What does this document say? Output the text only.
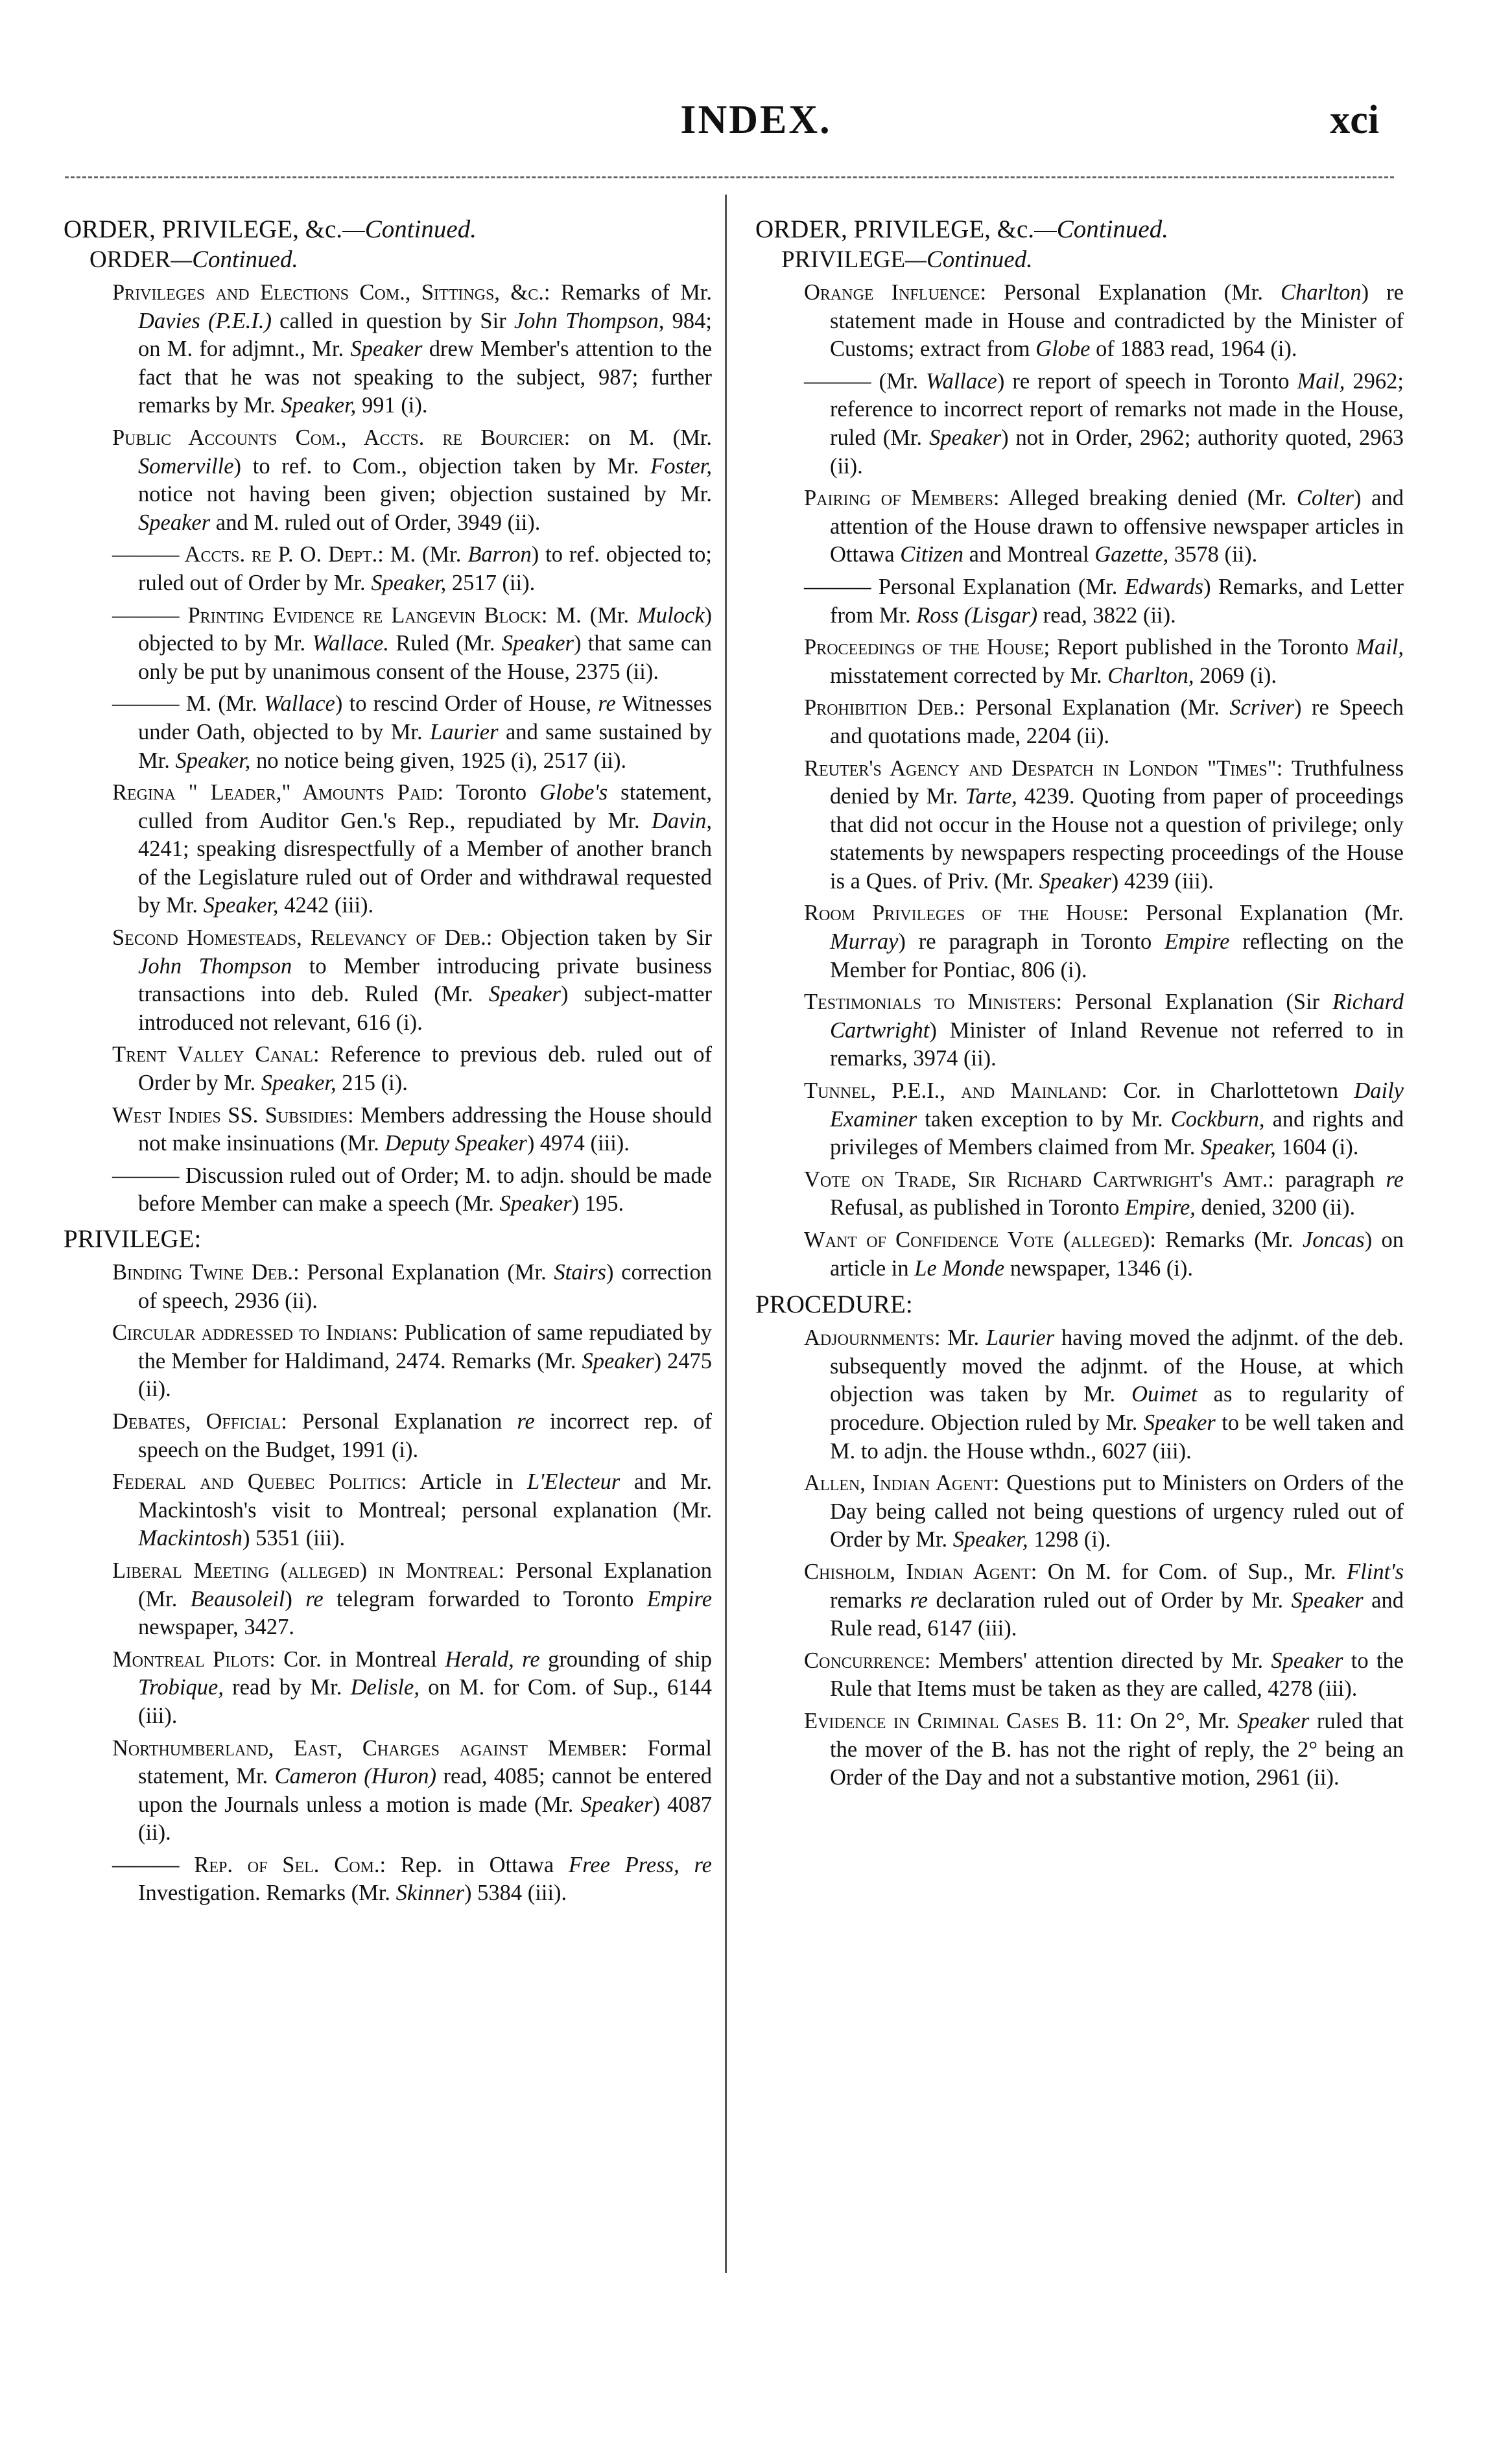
INDEX.	xci
ORDER, PRIVILEGE, &c.—Continued.
ORDER—Continued.
Privileges and Elections Com., Sittings, &c.: Remarks of Mr. Davies (P.E.I.) called in question by Sir John Thompson, 984; on M. for adjmnt., Mr. Speaker drew Member's attention to the fact that he was not speaking to the subject, 987; further remarks by Mr. Speaker, 991 (i).
Public Accounts Com., Accts. re Bourcier: on M. (Mr. Somerville) to ref. to Com., objection taken by Mr. Foster, notice not having been given; objection sustained by Mr. Speaker and M. ruled out of Order, 3949 (ii).
——— Accts. re P. O. Dept.: M. (Mr. Barron) to ref. objected to; ruled out of Order by Mr. Speaker, 2517 (ii).
——— Printing Evidence re Langevin Block: M. (Mr. Mulock) objected to by Mr. Wallace. Ruled (Mr. Speaker) that same can only be put by unanimous consent of the House, 2375 (ii).
——— M. (Mr. Wallace) to rescind Order of House, re Witnesses under Oath, objected to by Mr. Laurier and same sustained by Mr. Speaker, no notice being given, 1925 (i), 2517 (ii).
Regina " Leader," Amounts Paid: Toronto Globe's statement, culled from Auditor Gen.'s Rep., repudiated by Mr. Davin, 4241; speaking disrespectfully of a Member of another branch of the Legislature ruled out of Order and withdrawal requested by Mr. Speaker, 4242 (iii).
Second Homesteads, Relevancy of Deb.: Objection taken by Sir John Thompson to Member introducing private business transactions into deb. Ruled (Mr. Speaker) subject-matter introduced not relevant, 616 (i).
Trent Valley Canal: Reference to previous deb. ruled out of Order by Mr. Speaker, 215 (i).
West Indies SS. Subsidies: Members addressing the House should not make insinuations (Mr. Deputy Speaker) 4974 (iii).
——— Discussion ruled out of Order; M. to adjn. should be made before Member can make a speech (Mr. Speaker) 195.
PRIVILEGE:
Binding Twine Deb.: Personal Explanation (Mr. Stairs) correction of speech, 2936 (ii).
Circular addressed to Indians: Publication of same repudiated by the Member for Haldimand, 2474. Remarks (Mr. Speaker) 2475 (ii).
Debates, Official: Personal Explanation re incorrect rep. of speech on the Budget, 1991 (i).
Federal and Quebec Politics: Article in L'Electeur and Mr. Mackintosh's visit to Montreal; personal explanation (Mr. Mackintosh) 5351 (iii).
Liberal Meeting (alleged) in Montreal: Personal Explanation (Mr. Beausoleil) re telegram forwarded to Toronto Empire newspaper, 3427.
Montreal Pilots: Cor. in Montreal Herald, re grounding of ship Trobique, read by Mr. Delisle, on M. for Com. of Sup., 6144 (iii).
Northumberland, East, Charges against Member: Formal statement, Mr. Cameron (Huron) read, 4085; cannot be entered upon the Journals unless a motion is made (Mr. Speaker) 4087 (ii).
——— Rep. of Sel. Com.: Rep. in Ottawa Free Press, re Investigation. Remarks (Mr. Skinner) 5384 (iii).
ORDER, PRIVILEGE, &c.—Continued.
PRIVILEGE—Continued.
Orange Influence: Personal Explanation (Mr. Charlton) re statement made in House and contradicted by the Minister of Customs; extract from Globe of 1883 read, 1964 (i).
——— (Mr. Wallace) re report of speech in Toronto Mail, 2962; reference to incorrect report of remarks not made in the House, ruled (Mr. Speaker) not in Order, 2962; authority quoted, 2963 (ii).
Pairing of Members: Alleged breaking denied (Mr. Colter) and attention of the House drawn to offensive newspaper articles in Ottawa Citizen and Montreal Gazette, 3578 (ii).
——— Personal Explanation (Mr. Edwards) Remarks, and Letter from Mr. Ross (Lisgar) read, 3822 (ii).
Proceedings of the House; Report published in the Toronto Mail, misstatement corrected by Mr. Charlton, 2069 (i).
Prohibition Deb.: Personal Explanation (Mr. Scriver) re Speech and quotations made, 2204 (ii).
Reuter's Agency and Despatch in London "Times": Truthfulness denied by Mr. Tarte, 4239. Quoting from paper of proceedings that did not occur in the House not a question of privilege; only statements by newspapers respecting proceedings of the House is a Ques. of Priv. (Mr. Speaker) 4239 (iii).
Room Privileges of the House: Personal Explanation (Mr. Murray) re paragraph in Toronto Empire reflecting on the Member for Pontiac, 806 (i).
Testimonials to Ministers: Personal Explanation (Sir Richard Cartwright) Minister of Inland Revenue not referred to in remarks, 3974 (ii).
Tunnel, P.E.I., and Mainland: Cor. in Charlottetown Daily Examiner taken exception to by Mr. Cockburn, and rights and privileges of Members claimed from Mr. Speaker, 1604 (i).
Vote on Trade, Sir Richard Cartwright's Amt.: paragraph re Refusal, as published in Toronto Empire, denied, 3200 (ii).
Want of Confidence Vote (alleged): Remarks (Mr. Joncas) on article in Le Monde newspaper, 1346 (i).
PROCEDURE:
Adjournments: Mr. Laurier having moved the adjnmt. of the deb. subsequently moved the adjnmt. of the House, at which objection was taken by Mr. Ouimet as to regularity of procedure. Objection ruled by Mr. Speaker to be well taken and M. to adjn. the House wthdn., 6027 (iii).
Allen, Indian Agent: Questions put to Ministers on Orders of the Day being called not being questions of urgency ruled out of Order by Mr. Speaker, 1298 (i).
Chisholm, Indian Agent: On M. for Com. of Sup., Mr. Flint's remarks re declaration ruled out of Order by Mr. Speaker and Rule read, 6147 (iii).
Concurrence: Members' attention directed by Mr. Speaker to the Rule that Items must be taken as they are called, 4278 (iii).
Evidence in Criminal Cases B. 11: On 2°, Mr. Speaker ruled that the mover of the B. has not the right of reply, the 2° being an Order of the Day and not a substantive motion, 2961 (ii).
